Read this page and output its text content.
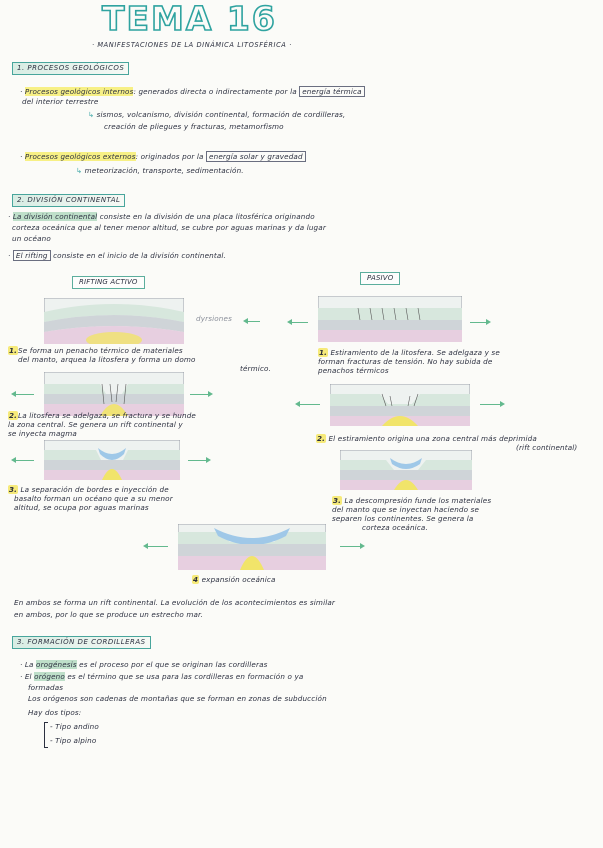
TEMA 16
· MANIFESTACIONES DE LA DINÁMICA LITOSFÉRICA ·
1. PROCESOS GEOLÓGICOS
· Procesos geológicos internos: generados directa o indirectamente por la energía térmica
del interior terrestre
↳ sismos, volcanismo, división continental, formación de cordilleras,
creación de pliegues y fracturas, metamorfismo
· Procesos geológicos externos: originados por la energía solar y gravedad
↳ meteorización, transporte, sedimentación.
2. DIVISIÓN CONTINENTAL
· La división continental consiste en la división de una placa litosférica originando
corteza oceánica que al tener menor altitud, se cubre por aguas marinas y da lugar
un océano
· El rifting consiste en el inicio de la división continental.
RIFTING ACTIVO	PASIVO
dyrsiones
1.Se forma un penacho térmico de materiales
del manto, arquea la litosfera y forma un domo
térmico.
2.La litosfera se adelgaza, se fractura y se hunde
la zona central. Se genera un rift continental y
se inyecta magma
3. La separación de bordes e inyección de
basalto forman un océano que a su menor
altitud, se ocupa por aguas marinas
1. Estiramiento de la litosfera. Se adelgaza y se
forman fracturas de tensión. No hay subida de
penachos térmicos
2. El estiramiento origina una zona central más deprimida
(rift continental)
3. La descompresión funde los materiales
del manto que se inyectan haciendo se
separen los continentes. Se genera la
corteza oceánica.
4 expansión oceánica
En ambos se forma un rift continental. La evolución de los acontecimientos es similar
en ambos, por lo que se produce un estrecho mar.
3. FORMACIÓN DE CORDILLERAS
· La orogénesis es el proceso por el que se originan las cordilleras
· El orógeno es el término que se usa para las cordilleras en formación o ya
formadas
Los orógenos son cadenas de montañas que se forman en zonas de subducción
Hay dos tipos:
- Tipo andino
- Tipo alpino
